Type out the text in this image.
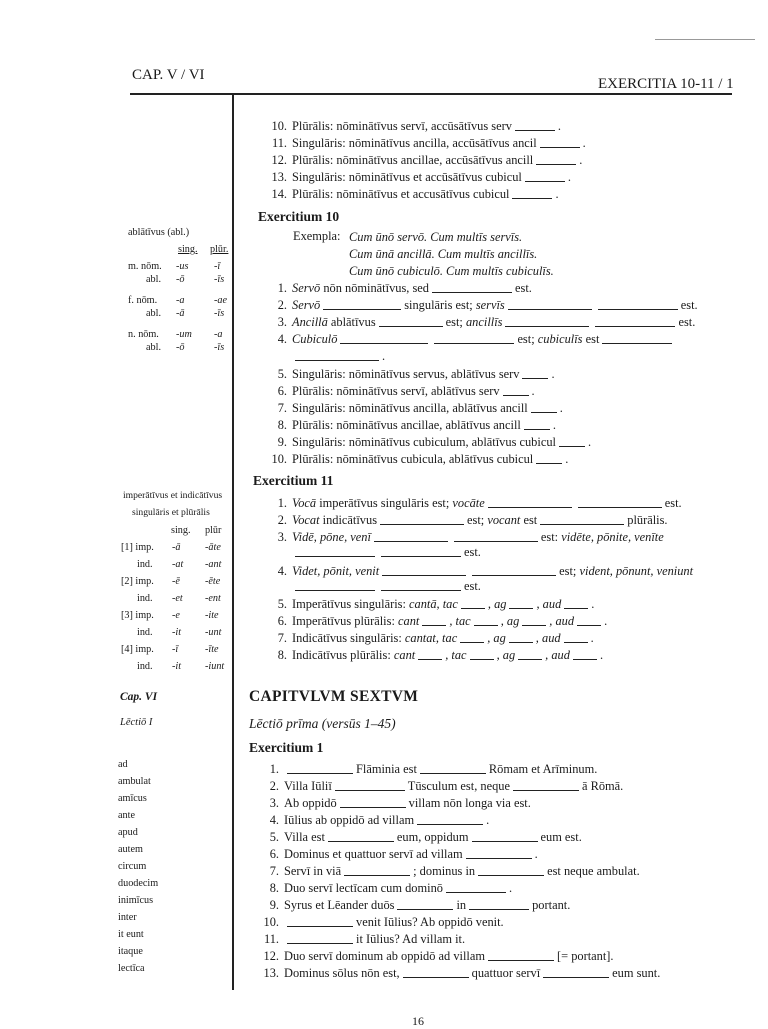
CAP. V / VI
EXERCITIA 10-11 / 1
10. Plūrālis: nōminātīvus servī, accūsātīvus serv	.
11. Singulāris: nōminātīvus ancilla, accūsātīvus ancil	.
12. Plūrālis: nōminātīvus ancillae, accūsātīvus ancill	.
13. Singulāris: nōminātīvus et accūsātīvus cubicul	.
14. Plūrālis: nōminātīvus et accusātīvus cubicul	.
Exercitium 10
Exempla: Cum ūnō servō. Cum multīs servīs.
Cum ūnā ancillā. Cum multīs ancillīs.
Cum ūnō cubiculō. Cum multīs cubiculīs.
1. Servō nōn nōminātīvus, sed	est.
2. Servō	singulāris est; servīs	est.
3. Ancillā ablātīvus	est; ancillīs	est.
4. Cubiculō	est; cubiculīs est
.
5. Singulāris: nōminātīvus servus, ablātīvus serv	.
6. Plūrālis: nōminātīvus servī, ablātīvus serv	.
7. Singulāris: nōminātīvus ancilla, ablātīvus ancill	.
8. Plūrālis: nōminātīvus ancillae, ablātīvus ancill	.
9. Singulāris: nōminātīvus cubiculum, ablātīvus cubicul	.
10. Plūrālis: nōminātīvus cubicula, ablātīvus cubicul	.
Exercitium 11
1. Vocā imperātīvus singulāris est; vocāte	est.
2. Vocat indicātīvus	est; vocant est	plūrālis.
3. Vidē, pōne, venī	est: vidēte, pōnite, venīte
est.
4. Videt, pōnit, venit	est; vident, pōnunt, veniunt
est.
5. Imperātīvus singulāris: cantā, tac , ag , aud .
6. Imperātīvus plūrālis: cant , tac , ag , aud .
7. Indicātīvus singulāris: cantat, tac , ag , aud .
8. Indicātīvus plūrālis: cant , tac , ag , aud .
CAPITVLVM SEXTVM
Lēctiō prīma (versūs 1–45)
Exercitium 1
1.	Flāminia est	Rōmam et Arīminum.
2. Villa Iūliī	Tūsculum est, neque	ā Rōmā.
3. Ab oppidō	villam nōn longa via est.
4. Iūlius ab oppidō ad villam	.
5. Villa est	eum, oppidum	eum est.
6. Dominus et quattuor servī ad villam	.
7. Servī in viā	; dominus in	est neque ambulat.
8. Duo servī lectīcam cum dominō	.
9. Syrus et Lēander duōs	in	portant.
10.	venit Iūlius? Ab oppidō venit.
11.	it Iūlius? Ad villam it.
12. Duo servī dominum ab oppidō ad villam	[= portant].
13. Dominus sōlus nōn est,	quattuor servī	eum sunt.
ablātīvus (abl.)
sing. plūr.
m. nōm. -us	-ī
abl. -ō	-īs
f. nōm. -a	-ae
abl. -ā	-īs
n. nōm. -um -a
abl. -ō	-īs
imperātīvus et indicātīvus
singulāris et plūrālis
sing. plūr
[1] imp. -ā -āte
ind. -at -ant
[2] imp. -ē -ēte
ind. -et -ent
[3] imp. -e -ite
ind. -it -unt
[4] imp. -ī	-īte
ind. -it -iunt
Cap. VI
Lēctiō I
ad
ambulat
amīcus
ante
apud
autem
circum
duodecim
inimīcus
inter
it eunt
itaque
lectīca
16
